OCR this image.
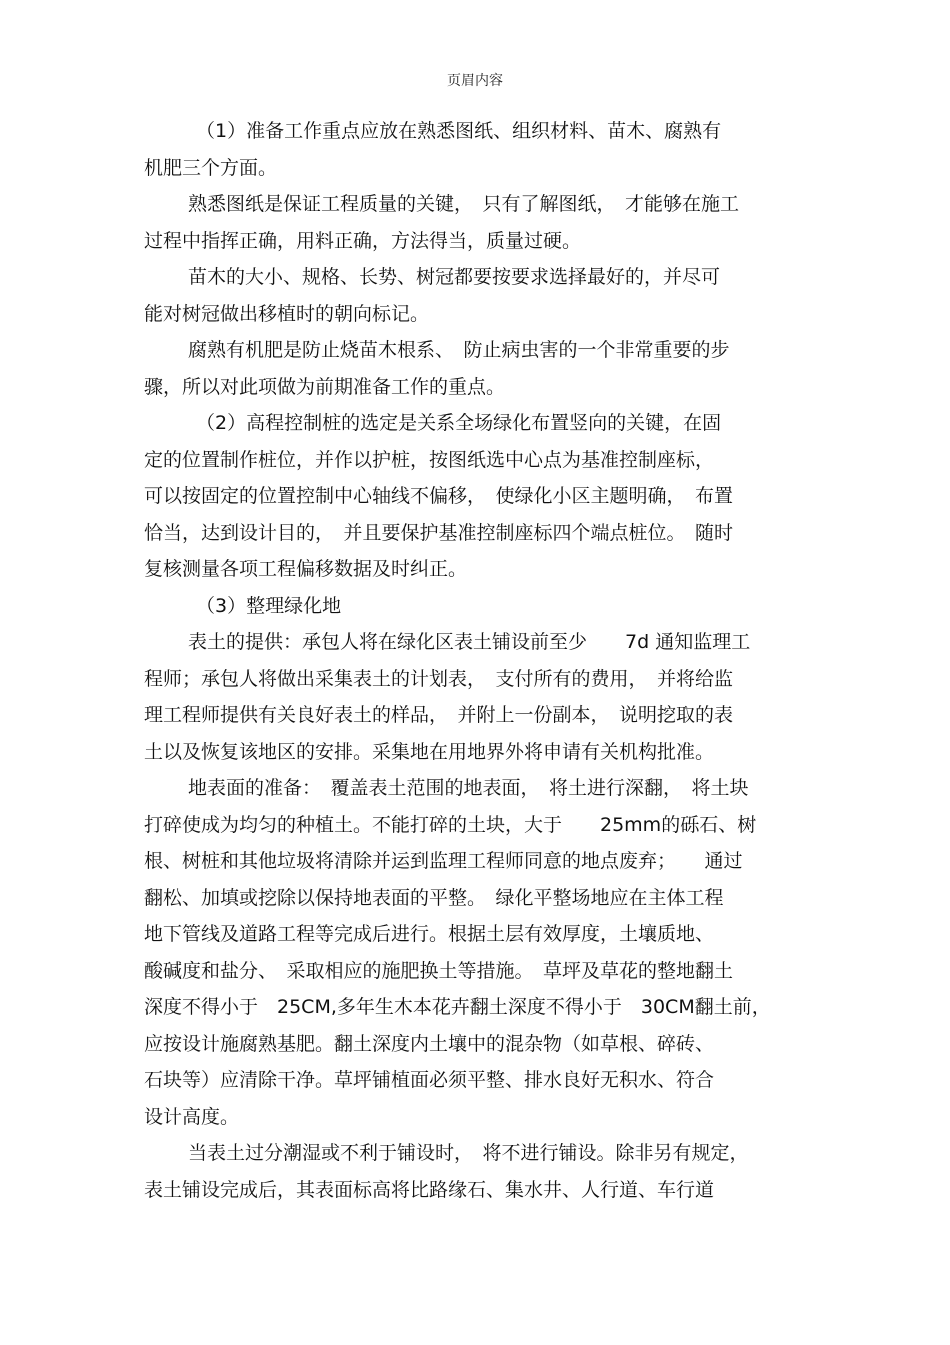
页眉内容
（1）准备工作重点应放在熟悉图纸、组织材料、苗木、腐熟有
机肥三个方面。
熟悉图纸是保证工程质量的关键，　只有了解图纸，　才能够在施工
过程中指挥正确，用料正确，方法得当，质量过硬。
苗木的大小、规格、长势、树冠都要按要求选择最好的，并尽可
能对树冠做出移植时的朝向标记。
腐熟有机肥是防止烧苗木根系、　防止病虫害的一个非常重要的步
骤，所以对此项做为前期准备工作的重点。
（2）高程控制桩的选定是关系全场绿化布置竖向的关键，在固
定的位置制作桩位，并作以护桩，按图纸选中心点为基准控制座标，
可以按固定的位置控制中心轴线不偏移，　使绿化小区主题明确，　布置
恰当，达到设计目的，　并且要保护基准控制座标四个端点桩位。　随时
复核测量各项工程偏移数据及时纠正。
（3）整理绿化地
表土的提供：承包人将在绿化区表土铺设前至少　　7d 通知监理工
程师；承包人将做出采集表土的计划表，　支付所有的费用，　并将给监
理工程师提供有关良好表土的样品，　并附上一份副本，　说明挖取的表
土以及恢复该地区的安排。采集地在用地界外将申请有关机构批准。
地表面的准备：　覆盖表土范围的地表面，　将土进行深翻，　将土块
打碎使成为均匀的种植土。不能打碎的土块，大于　　25mm的砾石、树
根、树桩和其他垃圾将清除并运到监理工程师同意的地点废弃；　　通过
翻松、加填或挖除以保持地表面的平整。　绿化平整场地应在主体工程
地下管线及道路工程等完成后进行。根据土层有效厚度，土壤质地、
酸碱度和盐分、　采取相应的施肥换土等措施。　草坪及草花的整地翻土
深度不得小于　25CM,多年生木本花卉翻土深度不得小于　30CM翻土前，
应按设计施腐熟基肥。翻土深度内土壤中的混杂物（如草根、碎砖、
石块等）应清除干净。草坪铺植面必须平整、排水良好无积水、符合
设计高度。
当表土过分潮湿或不利于铺设时，　将不进行铺设。除非另有规定，
表土铺设完成后，其表面标高将比路缘石、集水井、人行道、车行道
